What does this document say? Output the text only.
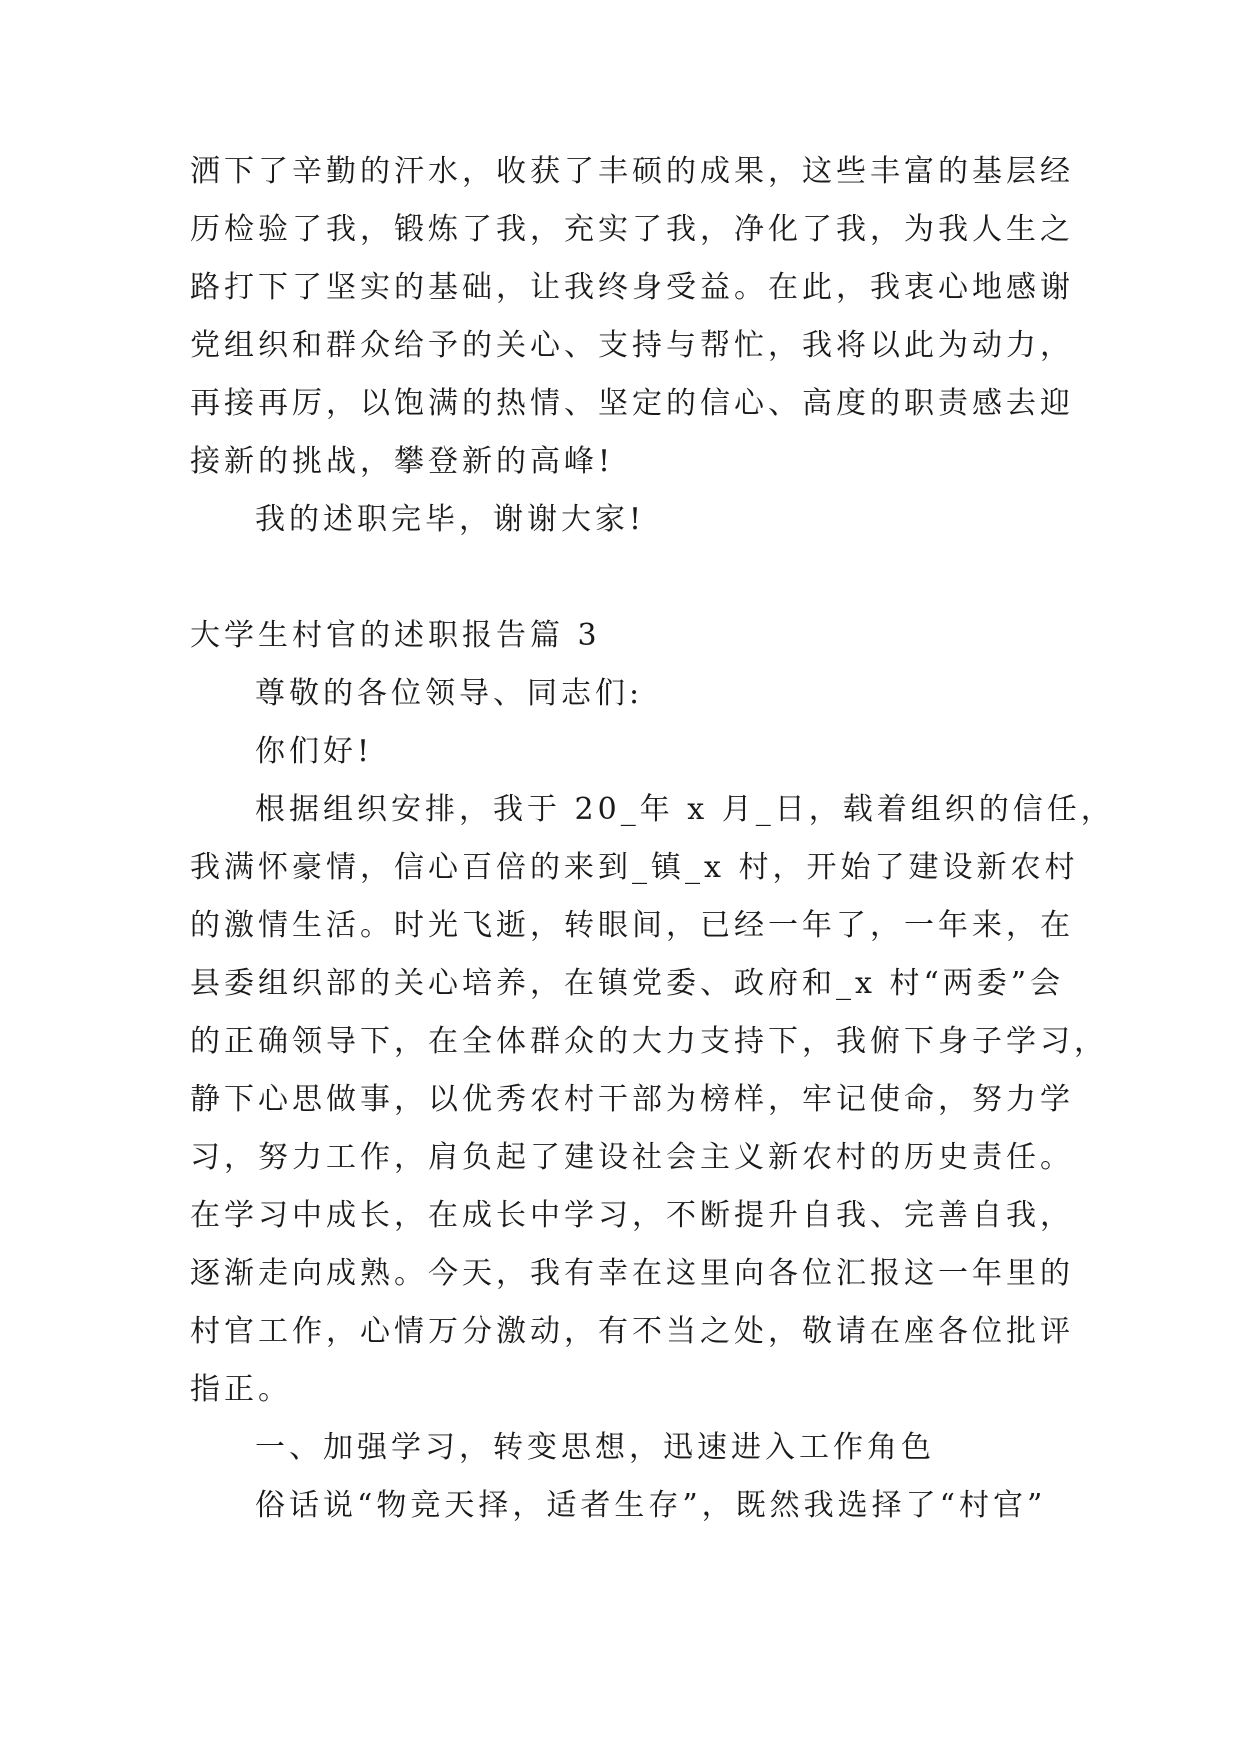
洒下了辛勤的汗水，收获了丰硕的成果，这些丰富的基层经
历检验了我，锻炼了我，充实了我，净化了我，为我人生之
路打下了坚实的基础，让我终身受益。在此，我衷心地感谢
党组织和群众给予的关心、支持与帮忙，我将以此为动力，
再接再厉，以饱满的热情、坚定的信心、高度的职责感去迎
接新的挑战，攀登新的高峰!
我的述职完毕，谢谢大家!
大学生村官的述职报告篇 3
尊敬的各位领导、同志们:
你们好!
根据组织安排，我于 20_年 x 月_日，载着组织的信任，
我满怀豪情，信心百倍的来到_镇_x 村，开始了建设新农村
的激情生活。时光飞逝，转眼间，已经一年了，一年来，在
县委组织部的关心培养，在镇党委、政府和_x 村“两委”会
的正确领导下，在全体群众的大力支持下，我俯下身子学习，
静下心思做事，以优秀农村干部为榜样，牢记使命，努力学
习，努力工作，肩负起了建设社会主义新农村的历史责任。
在学习中成长，在成长中学习，不断提升自我、完善自我，
逐渐走向成熟。今天，我有幸在这里向各位汇报这一年里的
村官工作，心情万分激动，有不当之处，敬请在座各位批评
指正。
一、加强学习，转变思想，迅速进入工作角色
俗话说“物竞天择，适者生存”，既然我选择了“村官”
